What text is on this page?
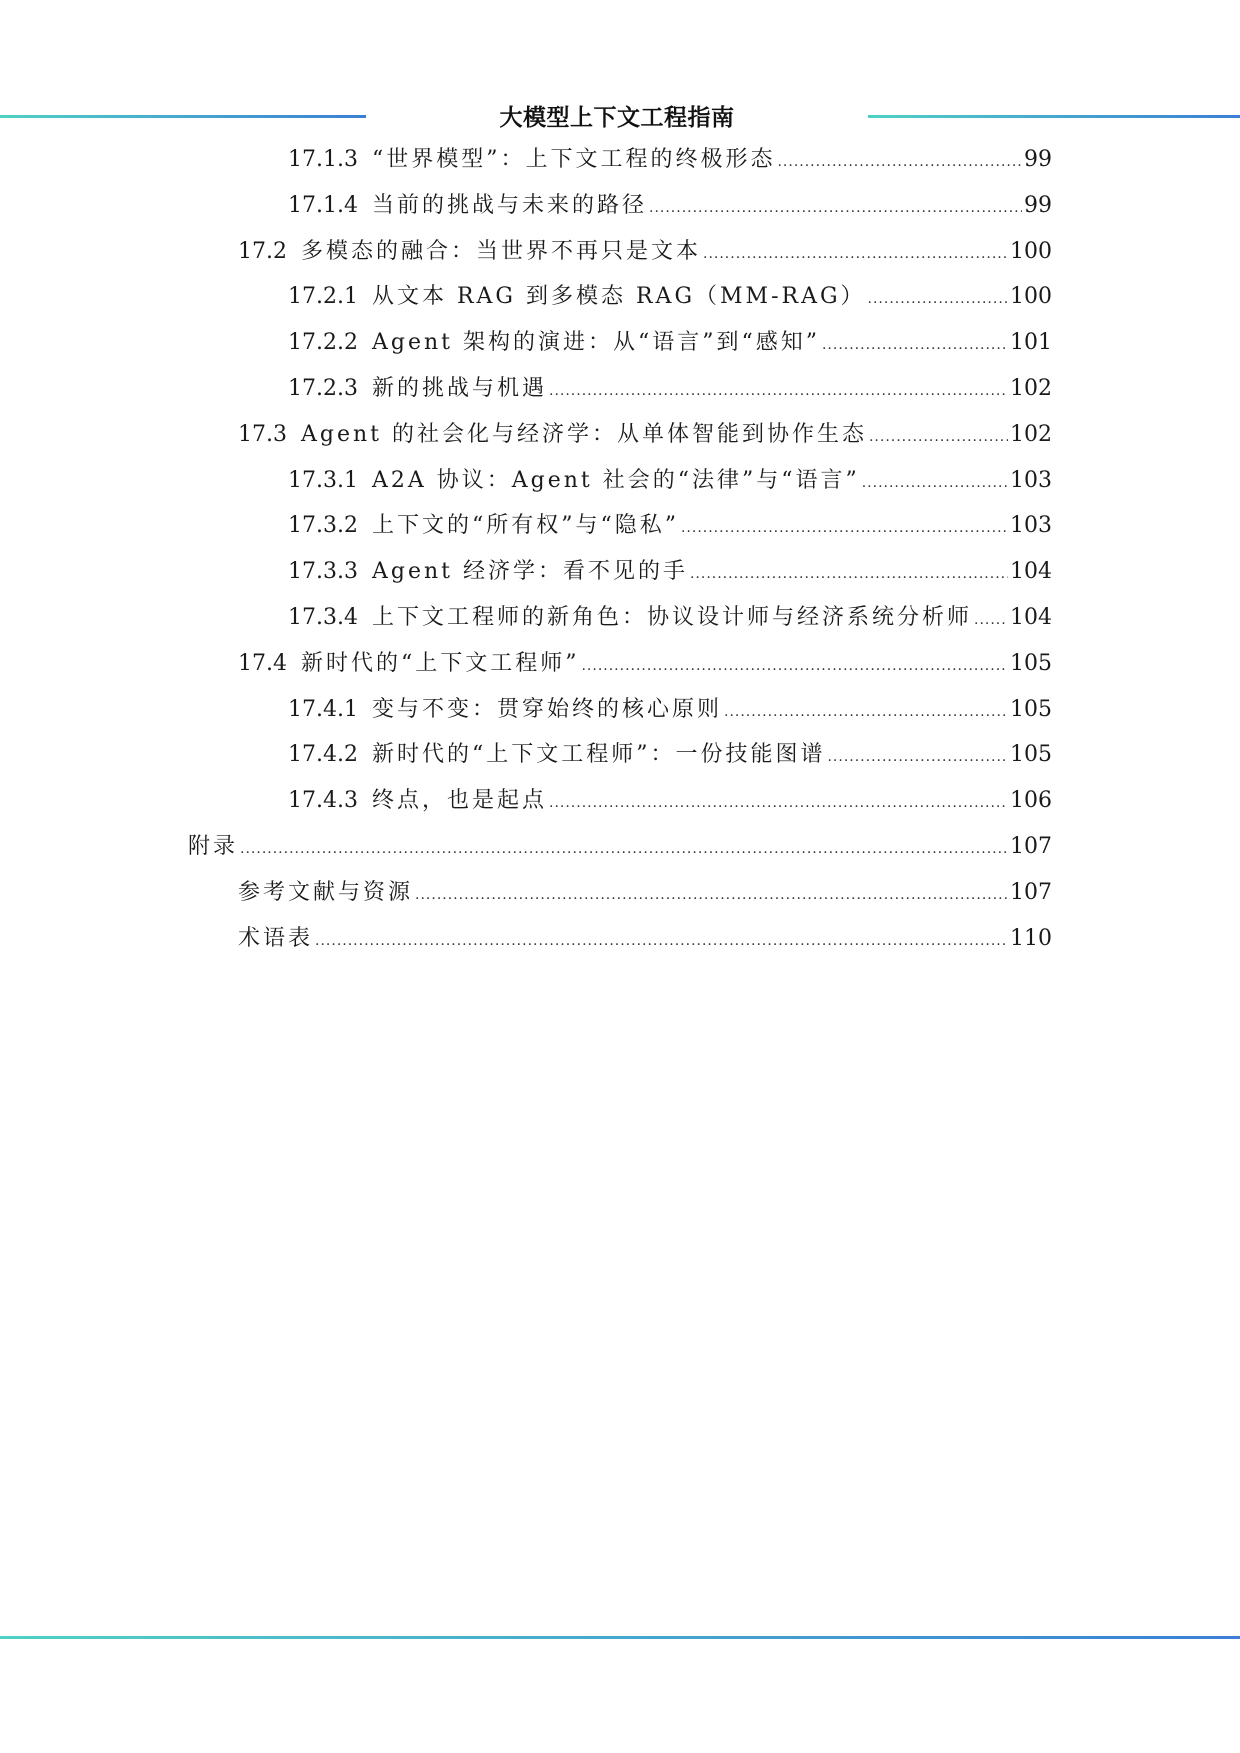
大模型上下文工程指南
17.1.3 “世界模型”：上下文工程的终极形态 .....	99
17.1.4 当前的挑战与未来的路径 .....	99
17.2 多模态的融合：当世界不再只是文本 .....	100
17.2.1 从文本 RAG 到多模态 RAG（MM-RAG） .....	100
17.2.2 Agent 架构的演进：从“语言”到“感知” .....	101
17.2.3 新的挑战与机遇 .....	102
17.3 Agent 的社会化与经济学：从单体智能到协作生态 .....	102
17.3.1 A2A 协议：Agent 社会的“法律”与“语言” .....	103
17.3.2 上下文的“所有权”与“隐私” .....	103
17.3.3 Agent 经济学：看不见的手 .....	104
17.3.4 上下文工程师的新角色：协议设计师与经济系统分析师 ..... 104
17.4 新时代的“上下文工程师” .....	105
17.4.1 变与不变：贯穿始终的核心原则 .....	105
17.4.2 新时代的“上下文工程师”：一份技能图谱 .....	105
17.4.3 终点，也是起点 .....	106
附录 .....	107
参考文献与资源 .....	107
术语表 .....	110
